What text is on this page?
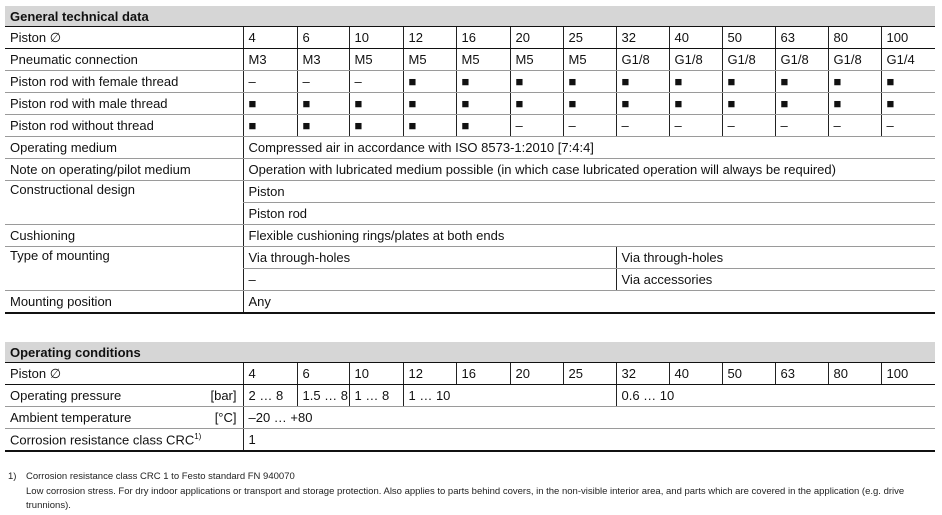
General technical data													
Piston ∅	4	6	10	12	16	20	25	32	40	50	63	80	100
Pneumatic connection	M3	M3	M5	M5	M5	M5	M5	G1/8	G1/8	G1/8	G1/8	G1/8	G1/4
Piston rod with female thread	–	–	–	■	■	■	■	■	■	■	■	■	■
Piston rod with male thread	■	■	■	■	■	■	■	■	■	■	■	■	■
Piston rod without thread	■	■	■	■	■	–	–	–	–	–	–	–	–
Operating medium	Compressed air in accordance with ISO 8573-1:2010 [7:4:4]												
Note on operating/pilot medium	Operation with lubricated medium possible (in which case lubricated operation will always be required)												
Constructional design	Piston												
	Piston rod												
Cushioning	Flexible cushioning rings/plates at both ends												
Type of mounting	Via through-holes							Via through-holes					
	–							Via accessories					
Mounting position	Any												
Operating conditions													
Piston ∅	4	6	10	12	16	20	25	32	40	50	63	80	100
Operating pressure [bar]	2 … 8	1.5 … 8	1 … 8	1 … 10				0.6 … 10					
Ambient temperature [°C]	–20 … +80												
Corrosion resistance class CRC$^{1)}$	1												
1) Corrosion resistance class CRC 1 to Festo standard FN 940070
Low corrosion stress. For dry indoor applications or transport and storage protection. Also applies to parts behind covers, in the non-visible interior area, and parts which are covered in the application (e.g. drive trunnions).
